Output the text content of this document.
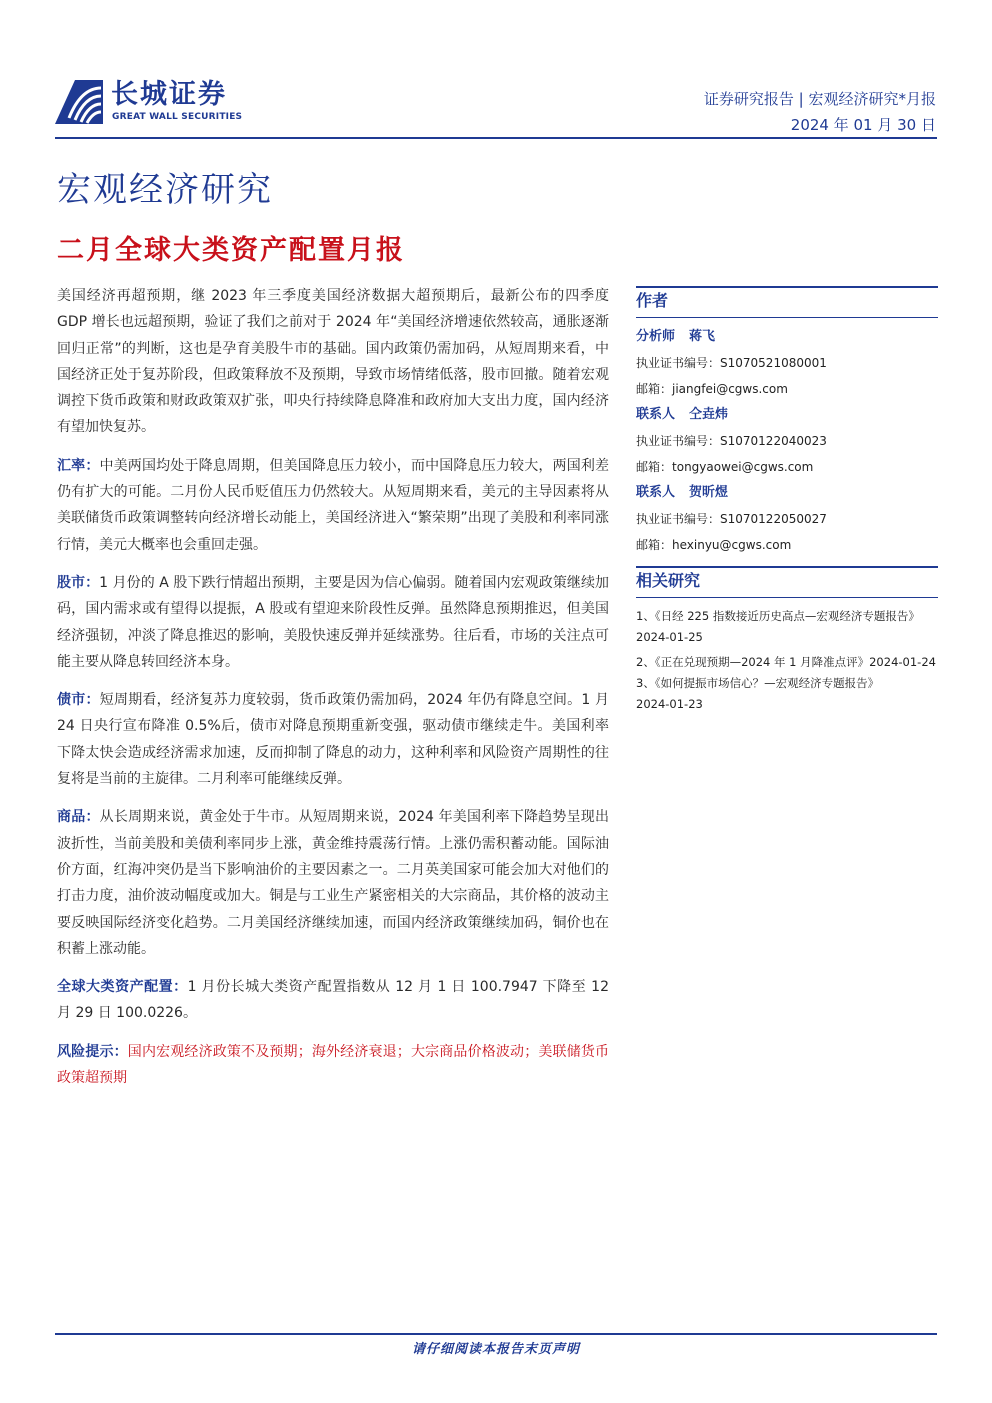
长城证券
GREAT WALL SECURITIES
证券研究报告 | 宏观经济研究*月报
2024 年 01 月 30 日
宏观经济研究
二月全球大类资产配置月报

美国经济再超预期，继 2023 年三季度美国经济数据大超预期后，最新公布的四季度 GDP 增长也远超预期，验证了我们之前对于 2024 年“美国经济增速依然较高，通胀逐渐回归正常”的判断，这也是孕育美股牛市的基础。国内政策仍需加码，从短周期来看，中国经济正处于复苏阶段，但政策释放不及预期，导致市场情绪低落，股市回撤。随着宏观调控下货币政策和财政政策双扩张，叩央行持续降息降准和政府加大支出力度，国内经济有望加快复苏。

汇率：中美两国均处于降息周期，但美国降息压力较小，而中国降息压力较大，两国利差仍有扩大的可能。二月份人民币贬值压力仍然较大。从短周期来看，美元的主导因素将从美联储货币政策调整转向经济增长动能上，美国经济进入“繁荣期”出现了美股和利率同涨行情，美元大概率也会重回走强。

股市：1 月份的 A 股下跌行情超出预期，主要是因为信心偏弱。随着国内宏观政策继续加码，国内需求或有望得以提振，A 股或有望迎来阶段性反弹。虽然降息预期推迟，但美国经济强韧，冲淡了降息推迟的影响，美股快速反弹并延续涨势。往后看，市场的关注点可能主要从降息转回经济本身。

债市：短周期看，经济复苏力度较弱，货币政策仍需加码，2024 年仍有降息空间。1 月 24 日央行宣布降准 0.5%后，债市对降息预期重新变强，驱动债市继续走牛。美国利率下降太快会造成经济需求加速，反而抑制了降息的动力，这种利率和风险资产周期性的往复将是当前的主旋律。二月利率可能继续反弹。

商品：从长周期来说，黄金处于牛市。从短周期来说，2024 年美国利率下降趋势呈现出波折性，当前美股和美债利率同步上涨，黄金维持震荡行情。上涨仍需积蓄动能。国际油价方面，红海冲突仍是当下影响油价的主要因素之一。二月英美国家可能会加大对他们的打击力度，油价波动幅度或加大。铜是与工业生产紧密相关的大宗商品，其价格的波动主要反映国际经济变化趋势。二月美国经济继续加速，而国内经济政策继续加码，铜价也在积蓄上涨动能。

全球大类资产配置：1 月份长城大类资产配置指数从 12 月 1 日 100.7947 下降至 12 月 29 日 100.0226。

风险提示：国内宏观经济政策不及预期；海外经济衰退；大宗商品价格波动；美联储货币政策超预期

作者
分析师 蒋飞
执业证书编号：S1070521080001
邮箱：jiangfei@cgws.com
联系人 仝垚炜
执业证书编号：S1070122040023
邮箱：tongyaowei@cgws.com
联系人 贺昕煜
执业证书编号：S1070122050027
邮箱：hexinyu@cgws.com
相关研究
1、《日经 225 指数接近历史高点—宏观经济专题报告》
2024-01-25
2、《正在兑现预期—2024 年 1 月降准点评》2024-01-24
3、《如何提振市场信心？—宏观经济专题报告》
2024-01-23
请仔细阅读本报告末页声明
